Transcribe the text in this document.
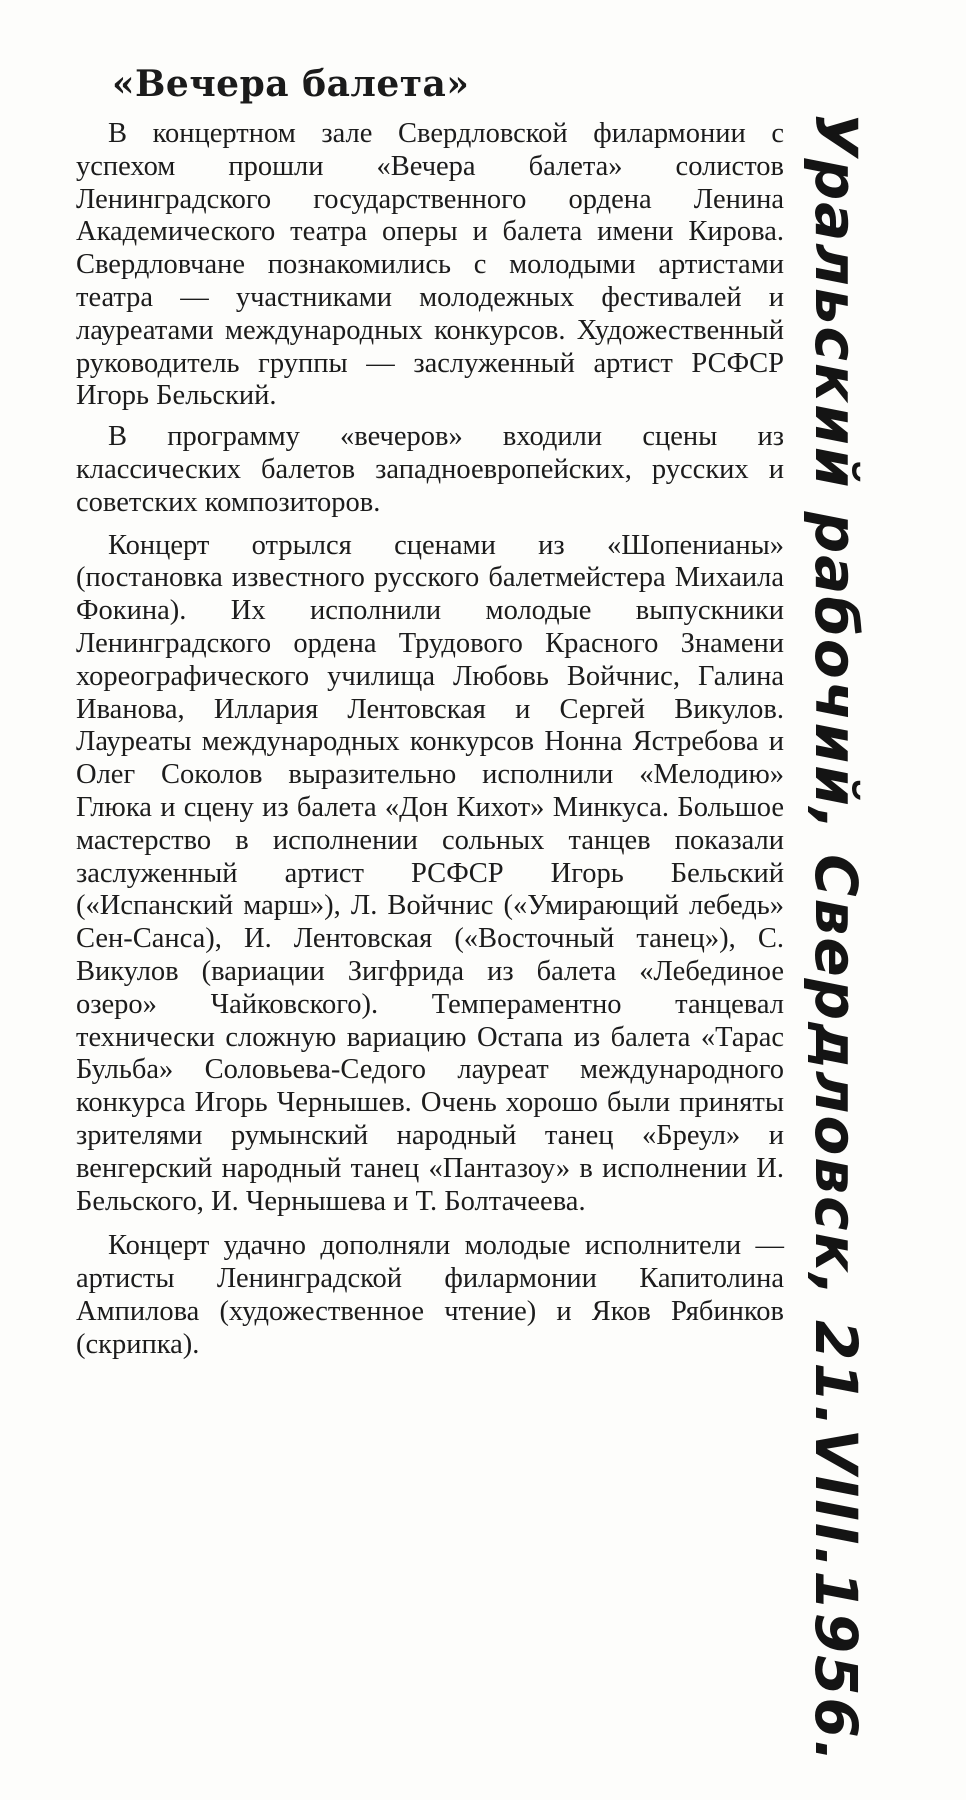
«Вечера балета»

В концертном зале Свердловской филармонии с успехом прошли «Вечера балета» солистов Ленинградского государственного ордена Ленина Академического театра оперы и балета имени Кирова. Свердловчане познакомились с молодыми артистами театра — участниками молодежных фестивалей и лауреатами международных конкурсов. Художественный руководитель группы — заслуженный артист РСФСР Игорь Бельский.

В программу «вечеров» входили сцены из классических балетов западноевропейских, русских и советских композиторов.

Концерт отрылся сценами из «Шопенианы» (постановка известного русского балетмейстера Михаила Фокина). Их исполнили молодые выпускники Ленинградского ордена Трудового Красного Знамени хореографического училища Любовь Войчнис, Галина Иванова, Иллария Лентовская и Сергей Викулов. Лауреаты международных конкурсов Нонна Ястребова и Олег Соколов выразительно исполнили «Мелодию» Глюка и сцену из балета «Дон Кихот» Минкуса. Большое мастерство в исполнении сольных танцев показали заслуженный артист РСФСР Игорь Бельский («Испанский марш»), Л. Войчнис («Умирающий лебедь» Сен-Санса), И. Лентовская («Восточный танец»), С. Викулов (вариации Зигфрида из балета «Лебединое озеро» Чайковского). Темпераментно танцевал технически сложную вариацию Остапа из балета «Тарас Бульба» Соловьева-Седого лауреат международного конкурса Игорь Чернышев. Очень хорошо были приняты зрителями румынский народный танец «Бреул» и венгерский народный танец «Пантазоу» в исполнении И. Бельского, И. Чернышева и Т. Болтачеева.

Концерт удачно дополняли молодые исполнители — артисты Ленинградской филармонии Капитолина Ампилова (художественное чтение) и Яков Рябинков (скрипка).	Уральский рабочий, Свердловск, 21.VIII.1956.
